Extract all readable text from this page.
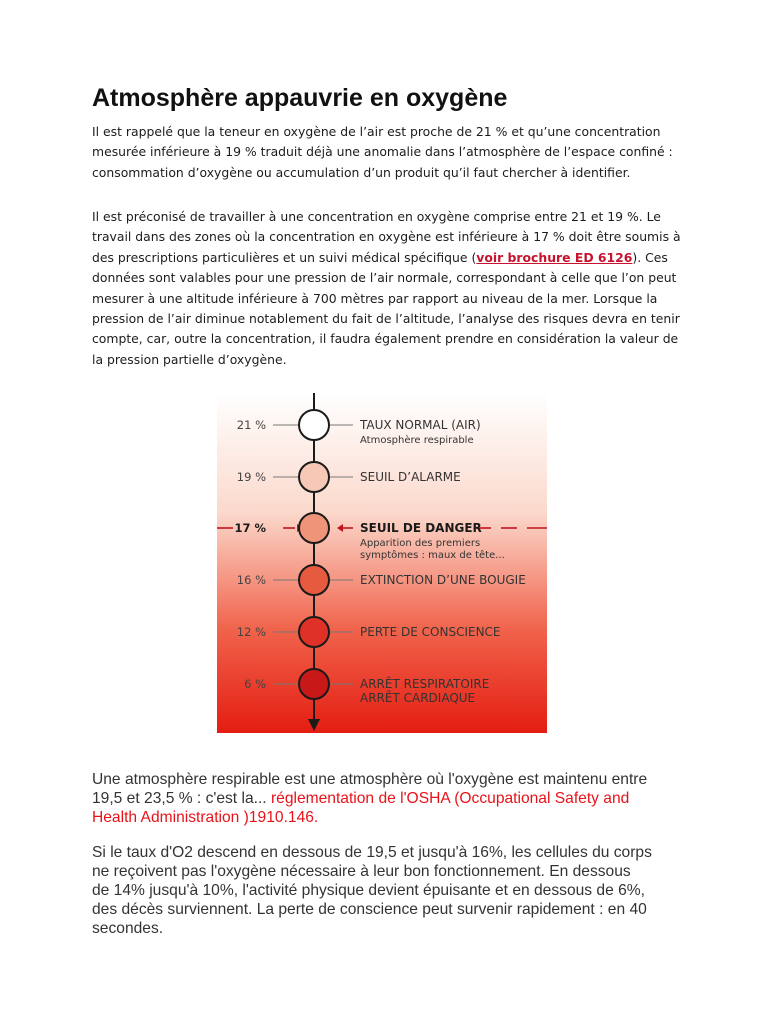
Atmosphère appauvrie en oxygène

Il est rappelé que la teneur en oxygène de l’air est proche de 21 % et qu’une concentration mesurée inférieure à 19 % traduit déjà une anomalie dans l’atmosphère de l’espace confiné : consommation d’oxygène ou accumulation d’un produit qu’il faut chercher à identifier.

Il est préconisé de travailler à une concentration en oxygène comprise entre 21 et 19 %. Le travail dans des zones où la concentration en oxygène est inférieure à 17 % doit être soumis à des prescriptions particulières et un suivi médical spécifique (voir brochure ED 6126). Ces données sont valables pour une pression de l’air normale, correspondant à celle que l’on peut mesurer à une altitude inférieure à 700 mètres par rapport au niveau de la mer. Lorsque la pression de l’air diminue notablement du fait de l’altitude, l’analyse des risques devra en tenir compte, car, outre la concentration, il faudra également prendre en considération la valeur de la pression partielle d’oxygène.

21 %	TAUX NORMAL (AIR)
Atmosphère respirable
19 %	SEUIL D’ALARME
17 %	SEUIL DE DANGER
Apparition des premiers
symptômes : maux de tête...
16 %	EXTINCTION D’UNE BOUGIE
12 %	PERTE DE CONSCIENCE
6 %	ARRÊT RESPIRATOIRE
ARRÊT CARDIAQUE

Une atmosphère respirable est une atmosphère où l'oxygène est maintenu entre 19,5 et 23,5 % : c'est la... réglementation de l'OSHA (Occupational Safety and Health Administration )1910.146.

Si le taux d'O2 descend en dessous de 19,5 et jusqu'à 16%, les cellules du corps ne reçoivent pas l'oxygène nécessaire à leur bon fonctionnement. En dessous de 14% jusqu'à 10%, l'activité physique devient épuisante et en dessous de 6%, des décès surviennent. La perte de conscience peut survenir rapidement : en 40 secondes.
